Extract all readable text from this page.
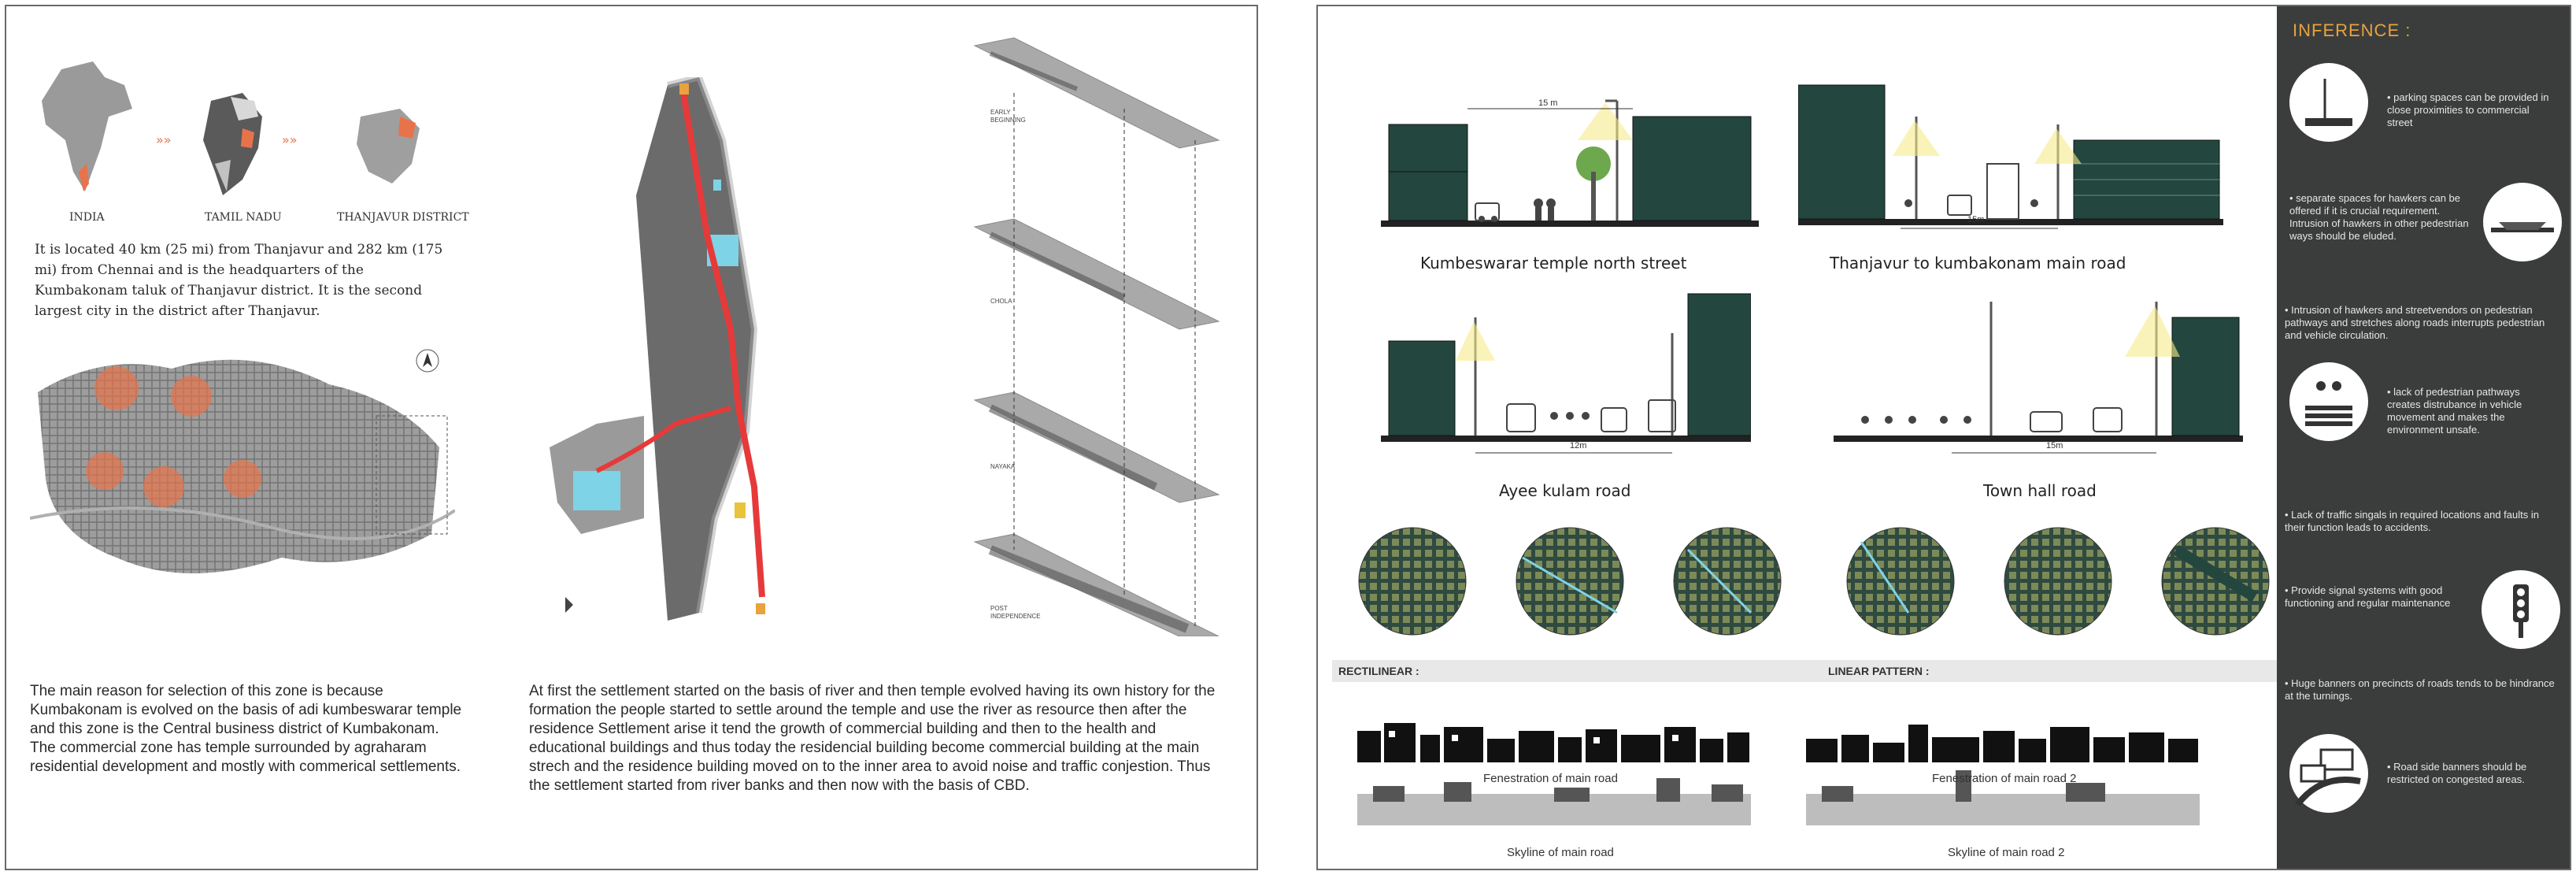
»»	»»
INDIA	TAMIL NADU	THANJAVUR DISTRICT
It is located 40 km (25 mi) from Thanjavur and 282 km (175 mi) from Chennai and is the headquarters of the Kumbakonam taluk of Thanjavur district. It is the second largest city in the district after Thanjavur.
EARLY
BEGINNING
CHOLA
NAYAKA
POST
INDEPENDENCE

The main reason for selection of this zone is because Kumbakonam is evolved on the basis of adi kumbeswarar temple and this zone is the Central business district of Kumbakonam.

The commercial zone has temple surrounded by agraharam residential development and mostly with commerical settlements.

At first the settlement started on the basis of river and then temple evolved having its own history for the formation the people started to settle around the temple and use the river as resource then after the residence Settlement arise it tend the growth of commercial building and then to the health and educational buildings and thus today the residencial building become commercial building at the main strech and the residence building moved on to the inner area to avoid noise and traffic conjestion. Thus the settlement started from river banks and then now with the basis of CBD.
15 m
Kumbeswarar temple north street
15m
Thanjavur to kumbakonam main road
12m
Ayee kulam road
15m
Town hall road
RECTILINEAR :	LINEAR PATTERN :
Fenestration of main road
Skyline of main road
Fenestration of main road 2
Skyline of main road 2
INFERENCE :
• parking spaces can be provided in close proximities to commercial street
• separate spaces for hawkers can be offered if it is crucial requirement. Intrusion of hawkers in other pedestrian ways should be eluded.
• Intrusion of hawkers and streetvendors on pedestrian pathways and stretches along roads interrupts pedestrian and vehicle circulation.
• lack of pedestrian pathways creates distrubance in vehicle movement and makes the environment unsafe.
• Lack of traffic singals in required locations and faults in their function leads to accidents.
• Provide signal systems with good functioning and regular maintenance
• Huge banners on precincts of roads tends to be hindrance at the turnings.
• Road side banners should be restricted on congested areas.
